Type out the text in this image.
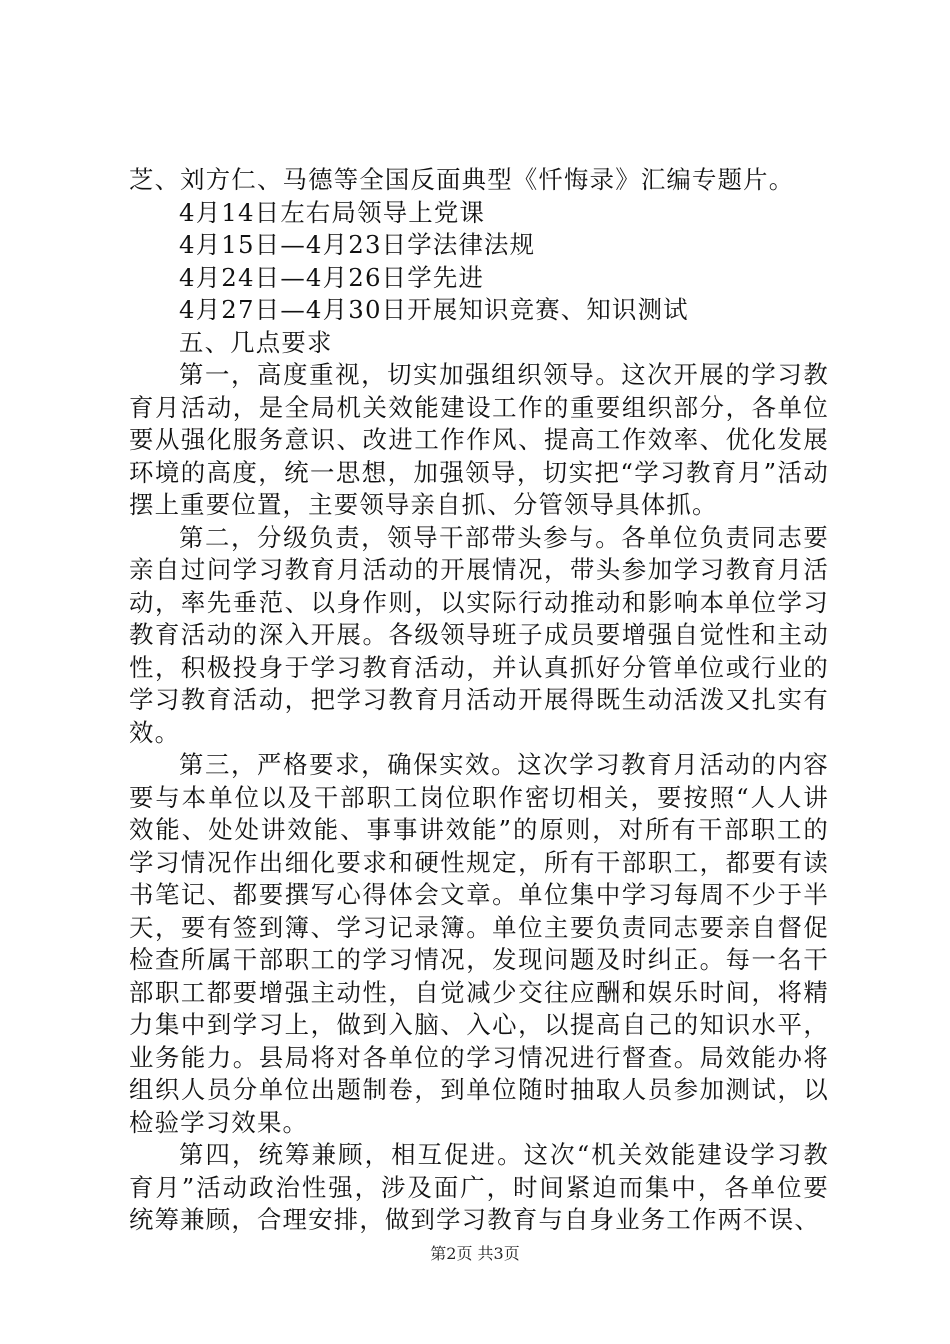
芝、刘方仁、马德等全国反面典型《忏悔录》汇编专题片。

4月14日左右局领导上党课

4月15日—4月23日学法律法规

4月24日—4月26日学先进

4月27日—4月30日开展知识竞赛、知识测试

五、几点要求

第一，高度重视，切实加强组织领导。这次开展的学习教育月活动，是全局机关效能建设工作的重要组织部分，各单位要从强化服务意识、改进工作作风、提高工作效率、优化发展环境的高度，统一思想，加强领导，切实把“学习教育月”活动摆上重要位置，主要领导亲自抓、分管领导具体抓。

第二，分级负责，领导干部带头参与。各单位负责同志要亲自过问学习教育月活动的开展情况，带头参加学习教育月活动，率先垂范、以身作则，以实际行动推动和影响本单位学习教育活动的深入开展。各级领导班子成员要增强自觉性和主动性，积极投身于学习教育活动，并认真抓好分管单位或行业的学习教育活动，把学习教育月活动开展得既生动活泼又扎实有效。

第三，严格要求，确保实效。这次学习教育月活动的内容要与本单位以及干部职工岗位职作密切相关，要按照“人人讲效能、处处讲效能、事事讲效能”的原则，对所有干部职工的学习情况作出细化要求和硬性规定，所有干部职工，都要有读书笔记、都要撰写心得体会文章。单位集中学习每周不少于半天，要有签到簿、学习记录簿。单位主要负责同志要亲自督促检查所属干部职工的学习情况，发现问题及时纠正。每一名干部职工都要增强主动性，自觉减少交往应酬和娱乐时间，将精力集中到学习上，做到入脑、入心，以提高自己的知识水平，业务能力。县局将对各单位的学习情况进行督查。局效能办将组织人员分单位出题制卷，到单位随时抽取人员参加测试，以检验学习效果。

第四，统筹兼顾，相互促进。这次“机关效能建设学习教育月”活动政治性强，涉及面广，时间紧迫而集中，各单位要统筹兼顾，合理安排，做到学习教育与自身业务工作两不误、

第2页 共3页
